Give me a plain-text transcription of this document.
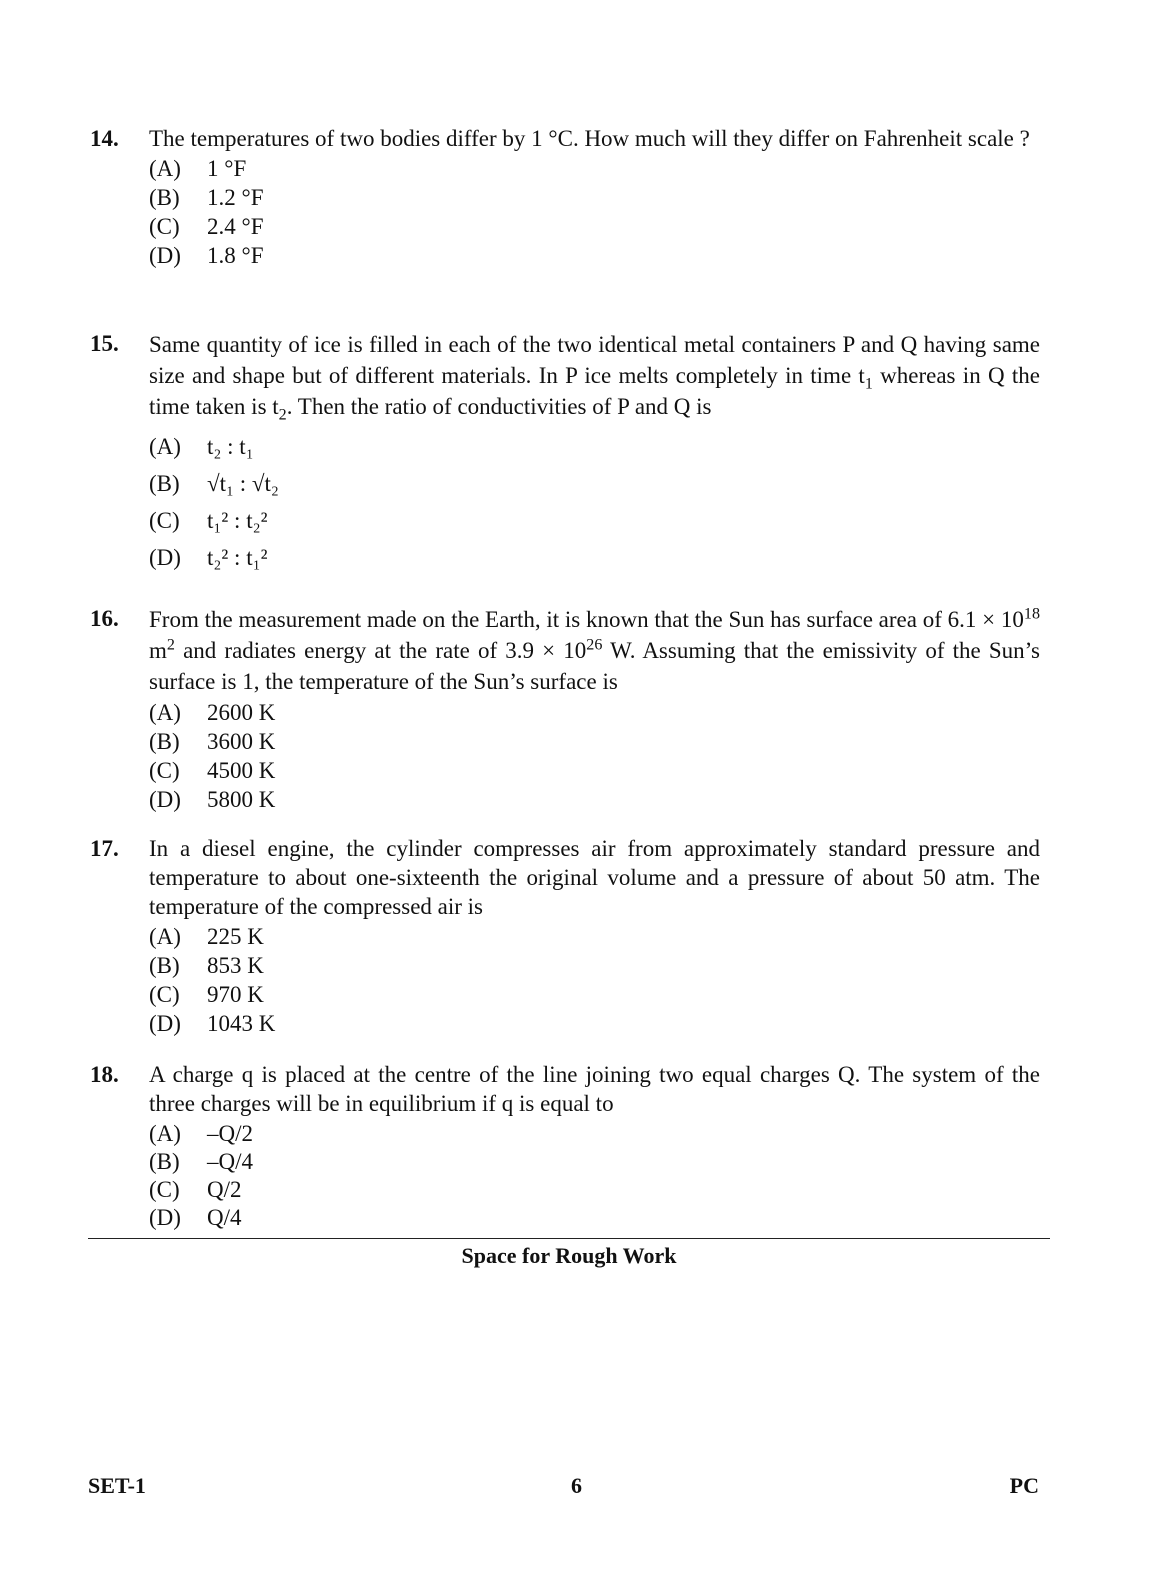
14. The temperatures of two bodies differ by 1 °C. How much will they differ on Fahrenheit scale ?
(A)	1 °F
(B)	1.2 °F
(C)	2.4 °F
(D)	1.8 °F
15. Same quantity of ice is filled in each of the two identical metal containers P and Q having same size and shape but of different materials. In P ice melts completely in time $t_1$ whereas in Q the time taken is $t_2$. Then the ratio of conductivities of P and Q is
(A)	t₂ : t₁
(B)	√t₁ : √t₂
(C)	t₁² : t₂²
(D)	t₂² : t₁²
16. From the measurement made on the Earth, it is known that the Sun has surface area of $6.1 \times 10^{18}$ $m^2$ and radiates energy at the rate of $3.9 \times 10^{26}$ W. Assuming that the emissivity of the Sun’s surface is 1, the temperature of the Sun’s surface is
(A)	2600 K
(B)	3600 K
(C)	4500 K
(D)	5800 K
17. In a diesel engine, the cylinder compresses air from approximately standard pressure and temperature to about one-sixteenth the original volume and a pressure of about 50 atm. The temperature of the compressed air is
(A)	225 K
(B)	853 K
(C)	970 K
(D)	1043 K
18. A charge q is placed at the centre of the line joining two equal charges Q. The system of the three charges will be in equilibrium if q is equal to
(A)	–Q/2
(B)	–Q/4
(C)	Q/2
(D)	Q/4
Space for Rough Work
SET-1	6	PC
